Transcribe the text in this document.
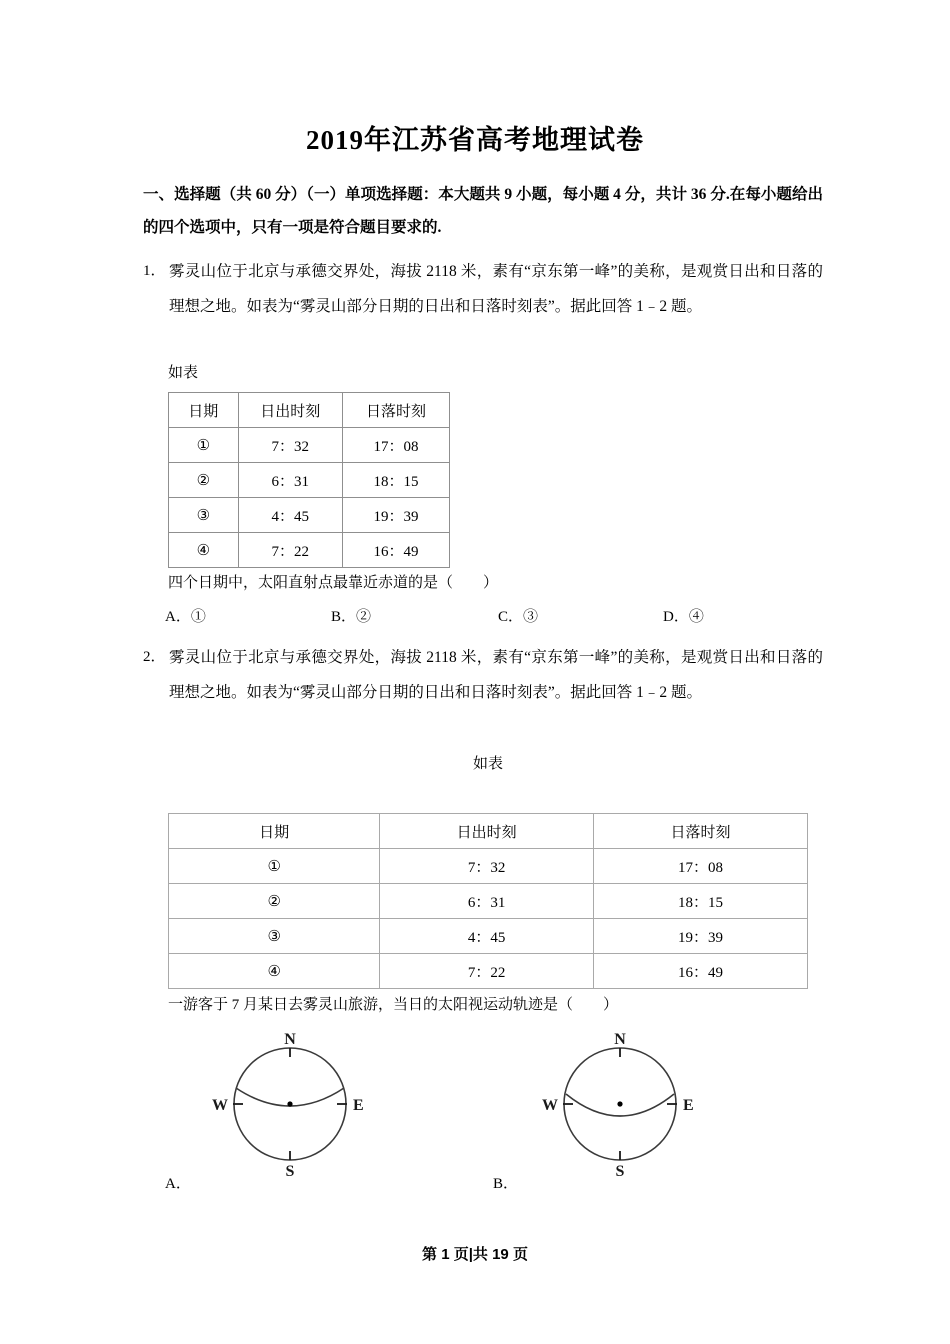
2019年江苏省高考地理试卷
一、选择题（共 60 分）（一）单项选择题：本大题共 9 小题，每小题 4 分，共计 36 分.在每小题给出的四个选项中，只有一项是符合题目要求的.
1． 雾灵山位于北京与承德交界处，海拔 2118 米，素有“京东第一峰”的美称，是观赏日出和日落的理想之地。如表为“雾灵山部分日期的日出和日落时刻表”。据此回答 1﹣2 题。
如表
日期	日出时刻	日落时刻
①	7：32	17：08
②	6：31	18：15
③	4：45	19：39
④	7：22	16：49
四个日期中，太阳直射点最靠近赤道的是（　　）
A．①	B．②	C．③	D．④
2． 雾灵山位于北京与承德交界处，海拔 2118 米，素有“京东第一峰”的美称，是观赏日出和日落的理想之地。如表为“雾灵山部分日期的日出和日落时刻表”。据此回答 1﹣2 题。
如表
日期	日出时刻	日落时刻
①	7：32	17：08
②	6：31	18：15
③	4：45	19：39
④	7：22	16：49
一游客于 7 月某日去雾灵山旅游，当日的太阳视运动轨迹是（　　）
N
S
E
W
N
S
E
W
A．	B．
第 1 页|共 19 页
